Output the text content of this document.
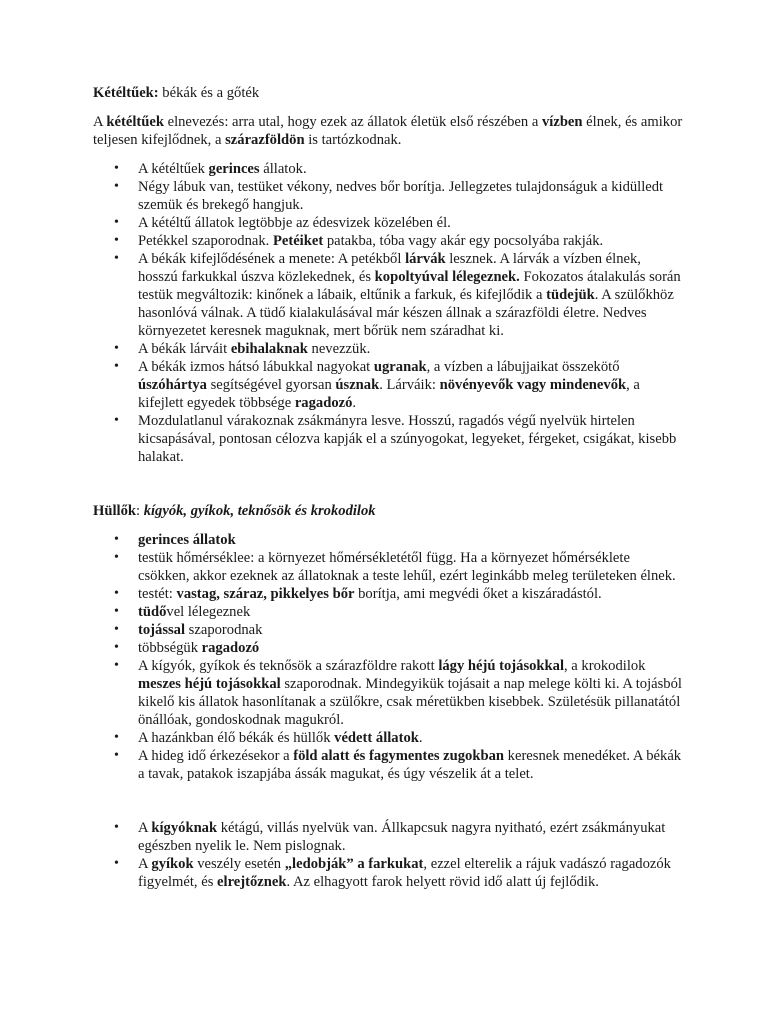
Kétéltűek: békák és a gőték

A kétéltűek elnevezés: arra utal, hogy ezek az állatok életük első részében a vízben élnek, és amikor teljesen kifejlődnek, a szárazföldön is tartózkodnak.

• A kétéltűek gerinces állatok.
• Négy lábuk van, testüket vékony, nedves bőr borítja. Jellegzetes tulajdonságuk a kidülledt szemük és brekegő hangjuk.
• A kétéltű állatok legtöbbje az édesvizek közelében él.
• Petékkel szaporodnak. Petéiket patakba, tóba vagy akár egy pocsolyába rakják.
• A békák kifejlődésének a menete: A petékből lárvák lesznek. A lárvák a vízben élnek, hosszú farkukkal úszva közlekednek, és kopoltyúval lélegeznek. Fokozatos átalakulás során testük megváltozik: kinőnek a lábaik, eltűnik a farkuk, és kifejlődik a tüdejük. A szülőkhöz hasonlóvá válnak. A tüdő kialakulásával már készen állnak a szárazföldi életre. Nedves környezetet keresnek maguknak, mert bőrük nem száradhat ki.
• A békák lárváit ebihalaknak nevezzük.
• A békák izmos hátsó lábukkal nagyokat ugranak, a vízben a lábujjaikat összekötő úszóhártya segítségével gyorsan úsznak. Lárváik: növényevők vagy mindenevők, a kifejlett egyedek többsége ragadozó.
• Mozdulatlanul várakoznak zsákmányra lesve. Hosszú, ragadós végű nyelvük hirtelen kicsapásával, pontosan célozva kapják el a szúnyogokat, legyeket, férgeket, csigákat, kisebb halakat.

Hüllők: kígyók, gyíkok, teknősök és krokodilok

• gerinces állatok
• testük hőmérséklee: a környezet hőmérsékletétől függ. Ha a környezet hőmérséklete csökken, akkor ezeknek az állatoknak a teste lehűl, ezért leginkább meleg területeken élnek.
• testét: vastag, száraz, pikkelyes bőr borítja, ami megvédi őket a kiszáradástól.
• tüdővel lélegeznek
• tojással szaporodnak
• többségük ragadozó
• A kígyók, gyíkok és teknősök a szárazföldre rakott lágy héjú tojásokkal, a krokodilok meszes héjú tojásokkal szaporodnak. Mindegyikük tojásait a nap melege költi ki. A tojásból kikelő kis állatok hasonlítanak a szülőkre, csak méretükben kisebbek. Születésük pillanatától önállóak, gondoskodnak magukról.
• A hazánkban élő békák és hüllők védett állatok.
• A hideg idő érkezésekor a föld alatt és fagymentes zugokban keresnek menedéket. A békák a tavak, patakok iszapjába ássák magukat, és úgy vészelik át a telet.
• A kígyóknak kétágú, villás nyelvük van. Állkapcsuk nagyra nyitható, ezért zsákmányukat egészben nyelik le. Nem pislognak.
• A gyíkok veszély esetén „ledobják” a farkukat, ezzel elterelik a rájuk vadászó ragadozók figyelmét, és elrejtőznek. Az elhagyott farok helyett rövid idő alatt új fejlődik.
